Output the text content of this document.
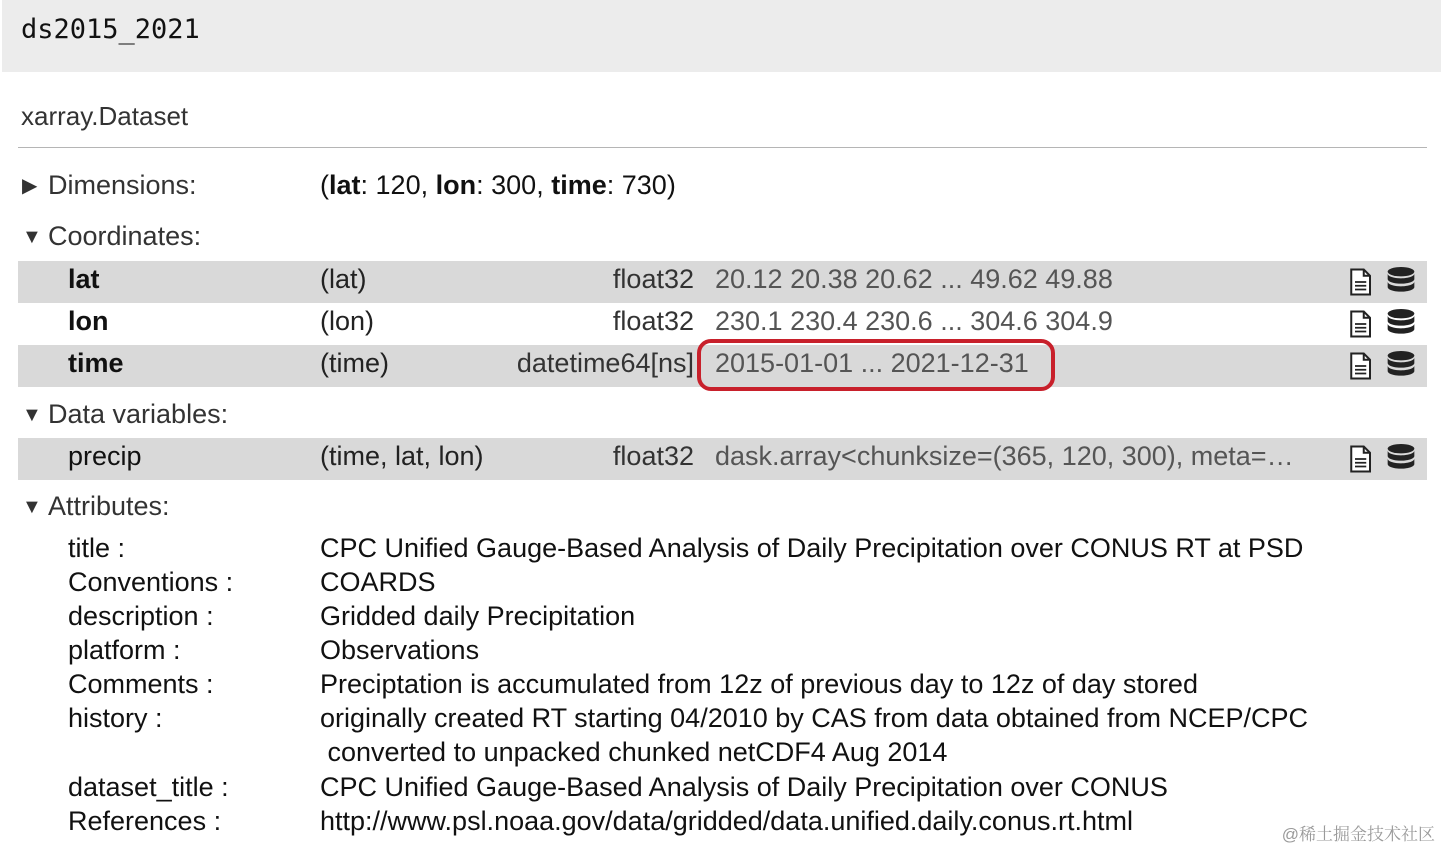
ds2015_2021
xarray.Dataset
▶ Dimensions:	(lat: 120, lon: 300, time: 730)
▼ Coordinates:
lat	(lat)	float32 20.12 20.38 20.62 ... 49.62 49.88
lon	(lon)	float32 230.1 230.4 230.6 ... 304.6 304.9
time	(time)	datetime64[ns] 2015-01-01 ... 2021-12-31
▼ Data variables:
precip	(time, lat, lon)	float32 dask.array<chunksize=(365, 120, 300), meta=…
▼ Attributes:
title :	CPC Unified Gauge-Based Analysis of Daily Precipitation over CONUS RT at PSD
Conventions :	COARDS
description :	Gridded daily Precipitation
platform :	Observations
Comments :	Preciptation is accumulated from 12z of previous day to 12z of day stored
history :	originally created RT starting 04/2010 by CAS from data obtained from NCEP/CPC
converted to unpacked chunked netCDF4 Aug 2014
dataset_title :	CPC Unified Gauge-Based Analysis of Daily Precipitation over CONUS
References :	http://www.psl.noaa.gov/data/gridded/data.unified.daily.conus.rt.html	@稀土掘金技术社区
